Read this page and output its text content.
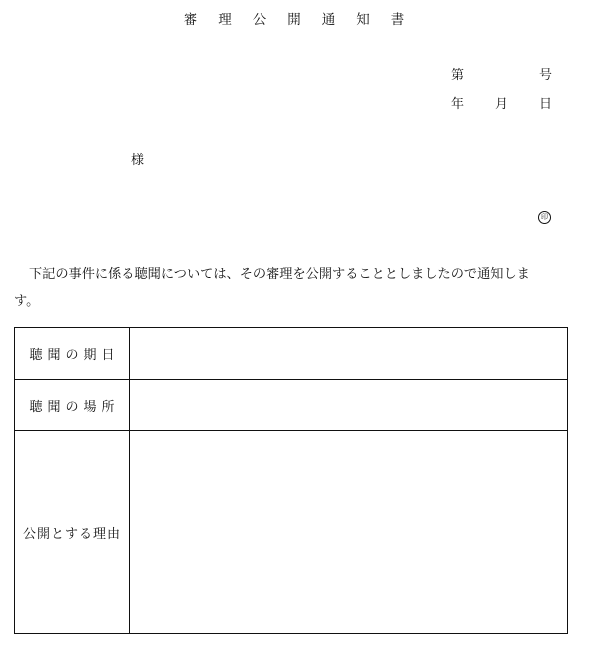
審理公開通知書
第	号
年 月 日
様
印
下記の事件に係る聴聞については、その審理を公開することとしましたので通知しま
す。
聴聞の期日	
聴聞の場所	
公開とする理由	
